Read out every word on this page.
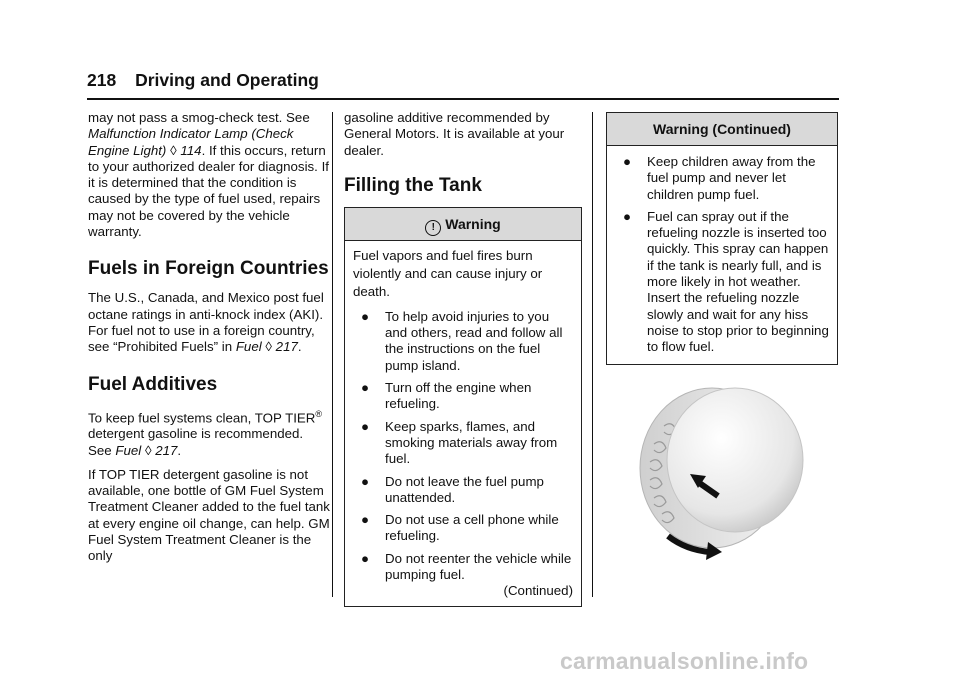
218 Driving and Operating

may not pass a smog-check test. See Malfunction Indicator Lamp (Check Engine Light) ◊ 114. If this occurs, return to your authorized dealer for diagnosis. If it is determined that the condition is caused by the type of fuel used, repairs may not be covered by the vehicle warranty.

Fuels in Foreign Countries

The U.S., Canada, and Mexico post fuel octane ratings in anti-knock index (AKI). For fuel not to use in a foreign country, see “Prohibited Fuels” in Fuel ◊ 217.

Fuel Additives

To keep fuel systems clean, TOP TIER® detergent gasoline is recommended. See Fuel ◊ 217.

If TOP TIER detergent gasoline is not available, one bottle of GM Fuel System Treatment Cleaner added to the fuel tank at every engine oil change, can help. GM Fuel System Treatment Cleaner is the only

gasoline additive recommended by General Motors. It is available at your dealer.

Filling the Tank
! Warning

Fuel vapors and fuel fires burn violently and can cause injury or death.

● To help avoid injuries to you and others, read and follow all the instructions on the fuel pump island.
● Turn off the engine when refueling.
● Keep sparks, flames, and smoking materials away from fuel.
● Do not leave the fuel pump unattended.
● Do not use a cell phone while refueling.
● Do not reenter the vehicle while pumping fuel.
(Continued)
Warning (Continued)
● Keep children away from the fuel pump and never let children pump fuel.
● Fuel can spray out if the refueling nozzle is inserted too quickly. This spray can happen if the tank is nearly full, and is more likely in hot weather. Insert the refueling nozzle slowly and wait for any hiss noise to stop prior to beginning to flow fuel.
carmanualsonline.info
